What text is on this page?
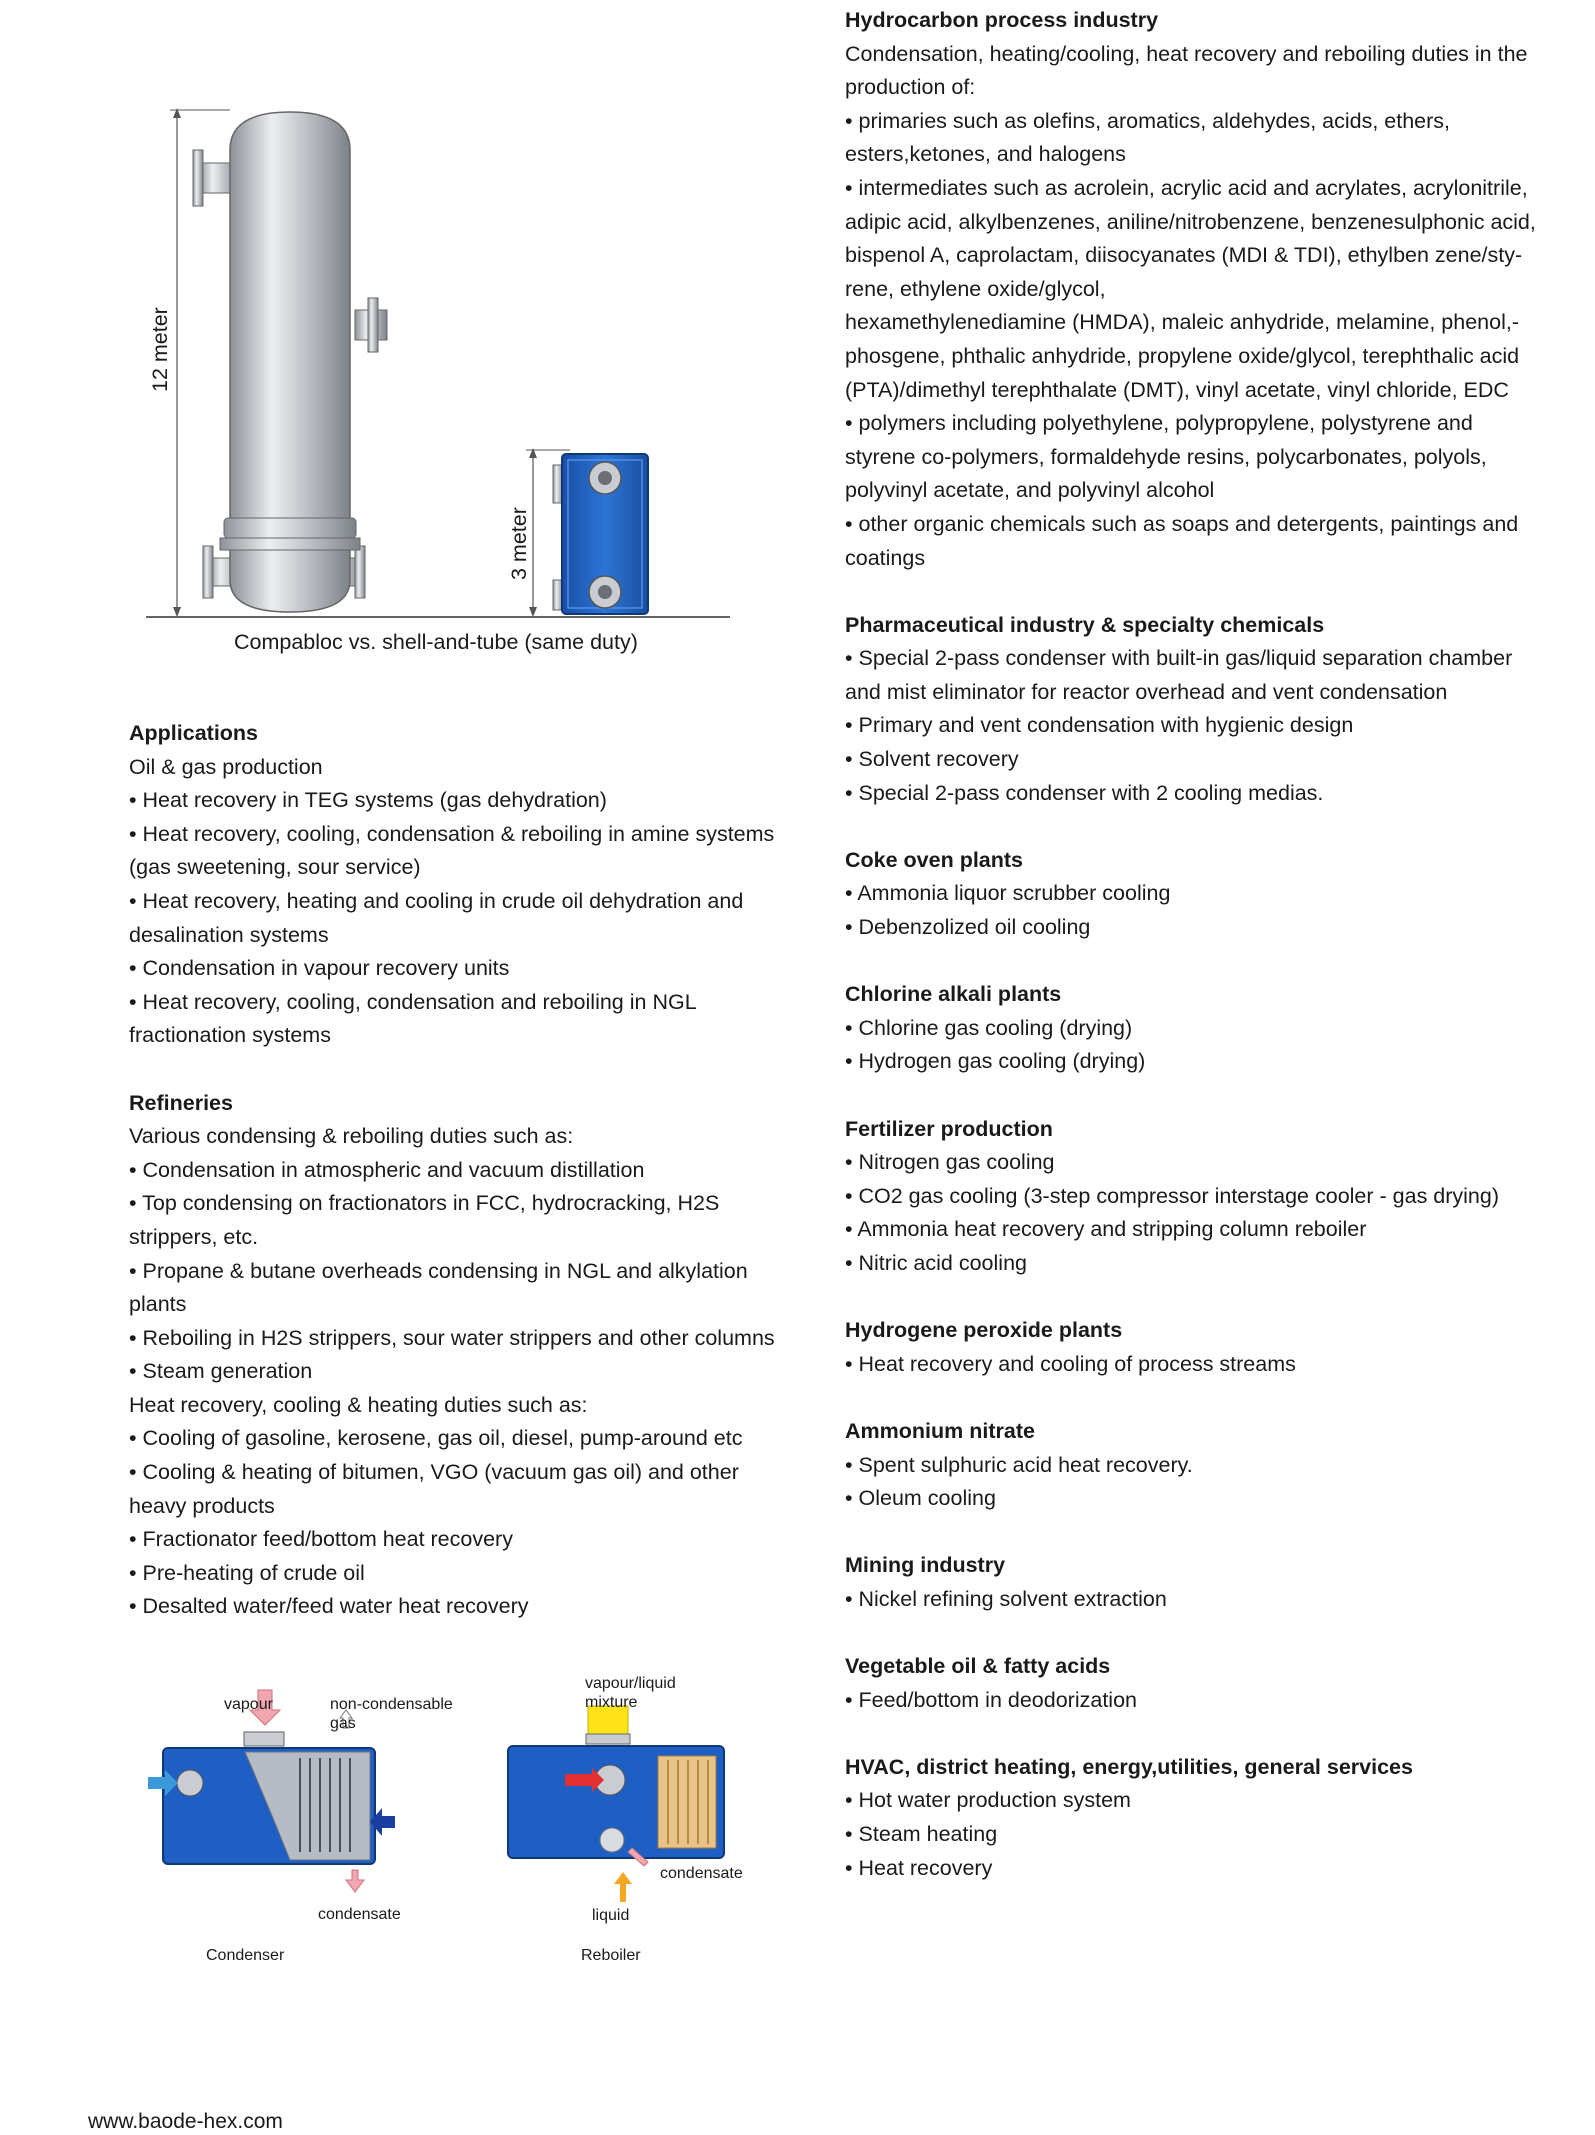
12 meter
3 meter
Compabloc vs. shell-and-tube (same duty)

Applications

Oil & gas production

• Heat recovery in TEG systems (gas dehydration)

• Heat recovery, cooling, condensation & reboiling in amine systems

(gas sweetening, sour service)

• Heat recovery, heating and cooling in crude oil dehydration and

desalination systems

• Condensation in vapour recovery units

• Heat recovery, cooling, condensation and reboiling in NGL

fractionation systems

Refineries

Various condensing & reboiling duties such as:

• Condensation in atmospheric and vacuum distillation

• Top condensing on fractionators in FCC, hydrocracking, H2S

strippers, etc.

• Propane & butane overheads condensing in NGL and alkylation

plants

• Reboiling in H2S strippers, sour water strippers and other columns

• Steam generation

Heat recovery, cooling & heating duties such as:

• Cooling of gasoline, kerosene, gas oil, diesel, pump-around etc

• Cooling & heating of bitumen, VGO (vacuum gas oil) and other

heavy products

• Fractionator feed/bottom heat recovery

• Pre-heating of crude oil

• Desalted water/feed water heat recovery

Hydrocarbon process industry

Condensation, heating/cooling, heat recovery and reboiling duties in the

production of:

• primaries such as olefins, aromatics, aldehydes, acids, ethers,

esters,ketones, and halogens

• intermediates such as acrolein, acrylic acid and acrylates, acrylonitrile,

adipic acid, alkylbenzenes, aniline/nitrobenzene, benzenesulphonic acid,

bispenol A, caprolactam, diisocyanates (MDI & TDI), ethylben zene/sty-

rene, ethylene oxide/glycol,

hexamethylenediamine (HMDA), maleic anhydride, melamine, phenol,-

phosgene, phthalic anhydride, propylene oxide/glycol, terephthalic acid

(PTA)/dimethyl terephthalate (DMT), vinyl acetate, vinyl chloride, EDC

• polymers including polyethylene, polypropylene, polystyrene and

styrene co-polymers, formaldehyde resins, polycarbonates, polyols,

polyvinyl acetate, and polyvinyl alcohol

• other organic chemicals such as soaps and detergents, paintings and

coatings

Pharmaceutical industry & specialty chemicals

• Special 2-pass condenser with built-in gas/liquid separation chamber

and mist eliminator for reactor overhead and vent condensation

• Primary and vent condensation with hygienic design

• Solvent recovery

• Special 2-pass condenser with 2 cooling medias.

Coke oven plants

• Ammonia liquor scrubber cooling

• Debenzolized oil cooling

Chlorine alkali plants

• Chlorine gas cooling (drying)

• Hydrogen gas cooling (drying)

Fertilizer production

• Nitrogen gas cooling

• CO2 gas cooling (3-step compressor interstage cooler - gas drying)

• Ammonia heat recovery and stripping column reboiler

• Nitric acid cooling

Hydrogene peroxide plants

• Heat recovery and cooling of process streams

Ammonium nitrate

• Spent sulphuric acid heat recovery.

• Oleum cooling

Mining industry

• Nickel refining solvent extraction

Vegetable oil & fatty acids

• Feed/bottom in deodorization

HVAC, district heating, energy,utilities, general services

• Hot water production system

• Steam heating

• Heat recovery

vapour	non-condensable
gas
condensate
Condenser
vapour/liquid
mixture
condensate
liquid
Reboiler
www.baode-hex.com
